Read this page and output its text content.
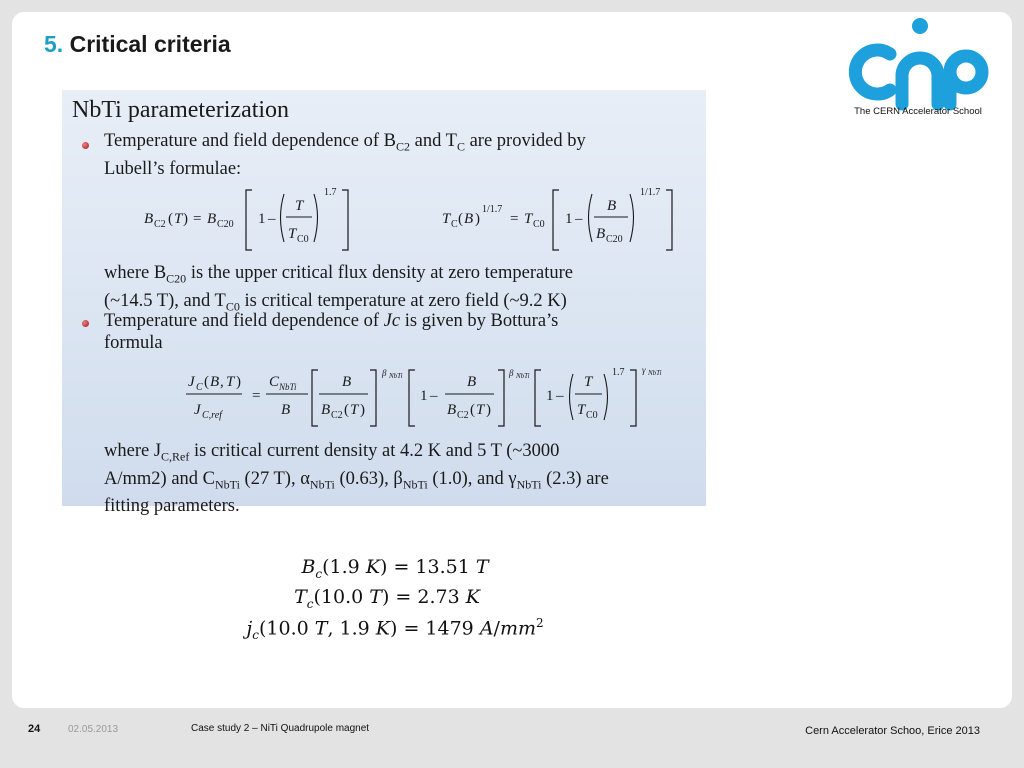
5. Critical criteria
The CERN Accelerator School
NbTi parameterization
Temperature and field dependence of $B_{C2}$ and $T_C$ are provided by
Lubell’s formulae:
B C2 ( T ) = B C20 1 –
T
T C0
1.7
T C ( B )
1/1.7
= T C0 1 –
B
B C20
1/1.7
where $B_{C20}$ is the upper critical flux density at zero temperature
(~14.5 T), and $T_{C0}$ is critical temperature at zero field (~9.2 K)
Temperature and field dependence of Jc is given by Bottura’s
formula
J C ( B , T )
J C,ref
=
C NbTi
B
B
B C2 ( T )
β NbTi
1 –
B
B C2 ( T )
β NbTi
1 –
T
T C0
1.7 γ NbTi
where $J_{C,Ref}$ is critical current density at 4.2 K and 5 T (~3000
A/mm2) and $C_{NbTi}$ (27 T), $\alpha_{NbTi}$ (0.63), $\beta_{NbTi}$ (1.0), and $\gamma_{NbTi}$ (2.3) are
fitting parameters.
$B_c(1.9$ K) = 13.51 T
$T_c(10.0$ T) = 2.73 K
$j_c(10.0$ T, 1.9 K) = 1479 $A/mm^2$
24	02.05.2013	Case study 2 – NiTi Quadrupole magnet	Cern Accelerator Schoo, Erice 2013
